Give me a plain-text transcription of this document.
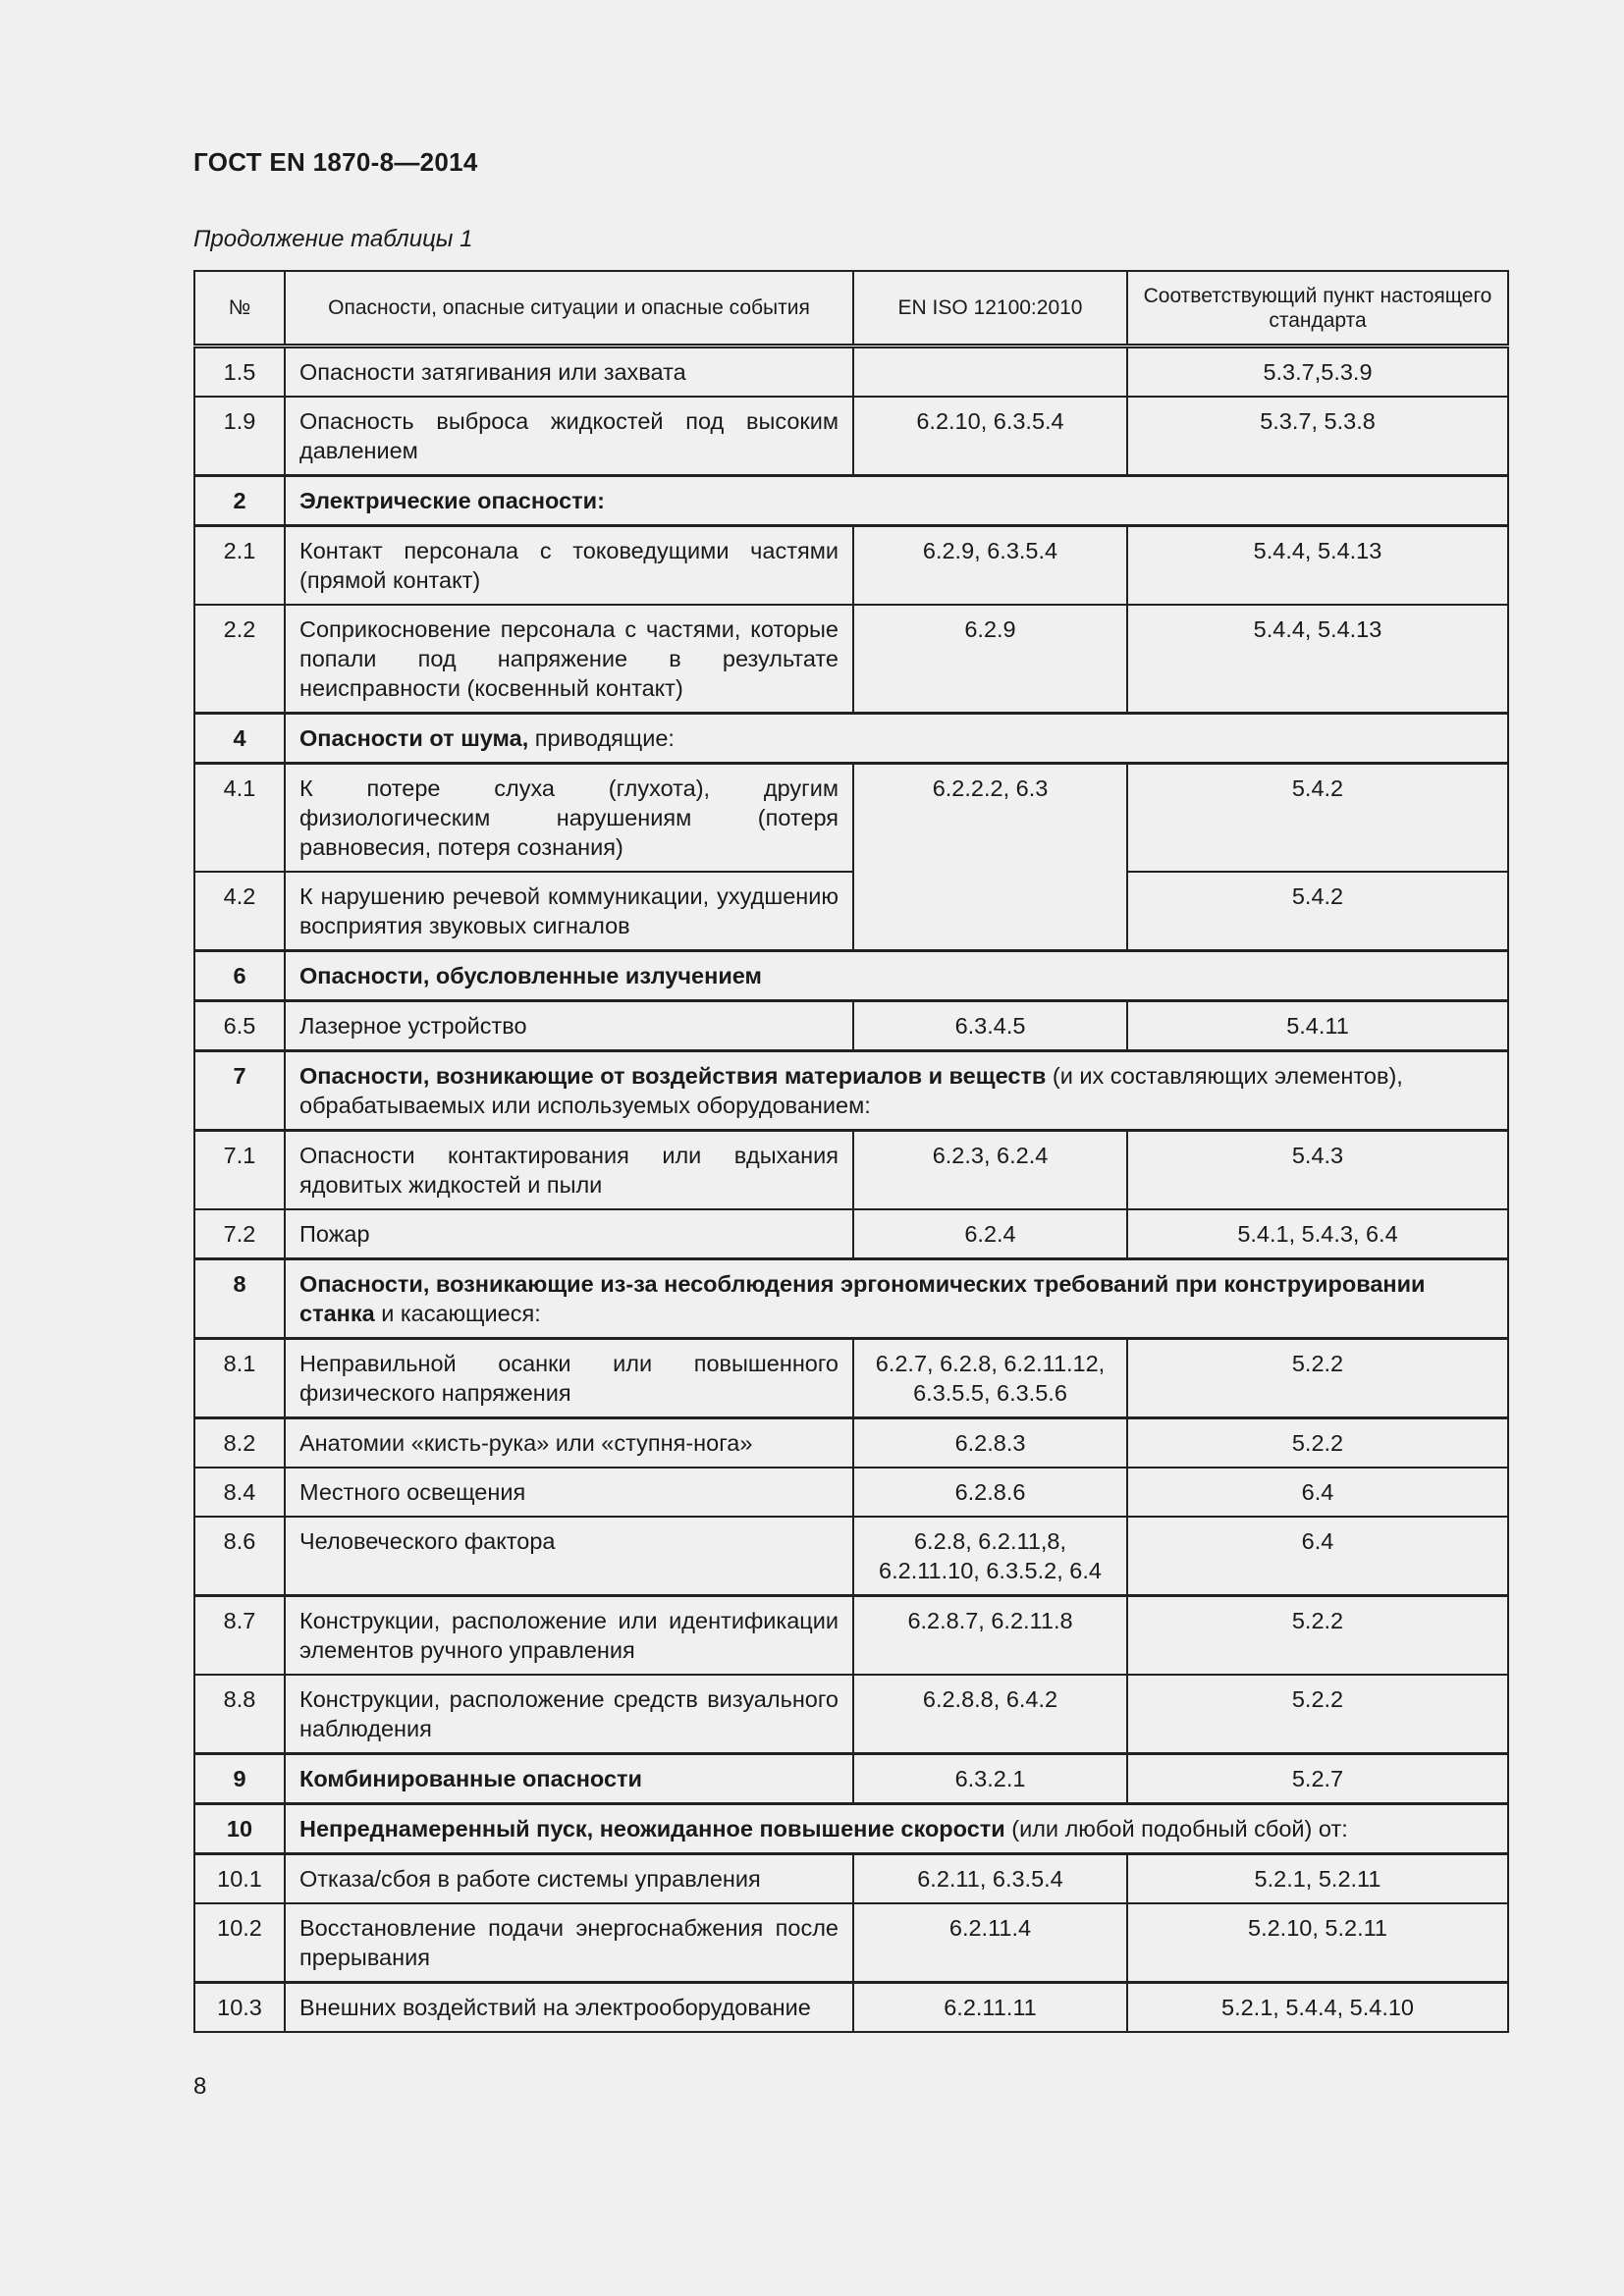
ГОСТ EN 1870-8—2014
Продолжение таблицы 1
№	Опасности, опасные ситуации и опасные события	EN ISO 12100:2010	Соответствующий пункт настоящего стандарта
1.5	Опасности затягивания или захвата		5.3.7,5.3.9
1.9	Опасность выброса жидкостей под высоким давлением	6.2.10, 6.3.5.4	5.3.7, 5.3.8
2	Электрические опасности:		
2.1	Контакт персонала с токоведущими частями (прямой контакт)	6.2.9, 6.3.5.4	5.4.4, 5.4.13
2.2	Соприкосновение персонала с частями, которые попали под напряжение в результате неисправности (косвенный контакт)	6.2.9	5.4.4, 5.4.13
4	Опасности от шума, приводящие:		
4.1	К потере слуха (глухота), другим физиологическим нарушениям (потеря равновесия, потеря сознания)	6.2.2.2, 6.3	5.4.2
4.2	К нарушению речевой коммуникации, ухудшению восприятия звуковых сигналов		5.4.2
6	Опасности, обусловленные излучением		
6.5	Лазерное устройство	6.3.4.5	5.4.11
7	Опасности, возникающие от воздействия материалов и веществ (и их составляющих элементов), обрабатываемых или используемых оборудованием:		
7.1	Опасности контактирования или вдыхания ядовитых жидкостей и пыли	6.2.3, 6.2.4	5.4.3
7.2	Пожар	6.2.4	5.4.1, 5.4.3, 6.4
8	Опасности, возникающие из-за несоблюдения эргономических требований при конструировании станка и касающиеся:		
8.1	Неправильной осанки или повышенного физического напряжения	6.2.7, 6.2.8, 6.2.11.12, 6.3.5.5, 6.3.5.6	5.2.2
8.2	Анатомии «кисть-рука» или «ступня-нога»	6.2.8.3	5.2.2
8.4	Местного освещения	6.2.8.6	6.4
8.6	Человеческого фактора	6.2.8, 6.2.11,8, 6.2.11.10, 6.3.5.2, 6.4	6.4
8.7	Конструкции, расположение или идентификации элементов ручного управления	6.2.8.7, 6.2.11.8	5.2.2
8.8	Конструкции, расположение средств визуального наблюдения	6.2.8.8, 6.4.2	5.2.2
9	Комбинированные опасности	6.3.2.1	5.2.7
10	Непреднамеренный пуск, неожиданное повышение скорости (или любой подобный сбой) от:		
10.1	Отказа/сбоя в работе системы управления	6.2.11, 6.3.5.4	5.2.1, 5.2.11
10.2	Восстановление подачи энергоснабжения после прерывания	6.2.11.4	5.2.10, 5.2.11
10.3	Внешних воздействий на электрооборудование	6.2.11.11	5.2.1, 5.4.4, 5.4.10
8
